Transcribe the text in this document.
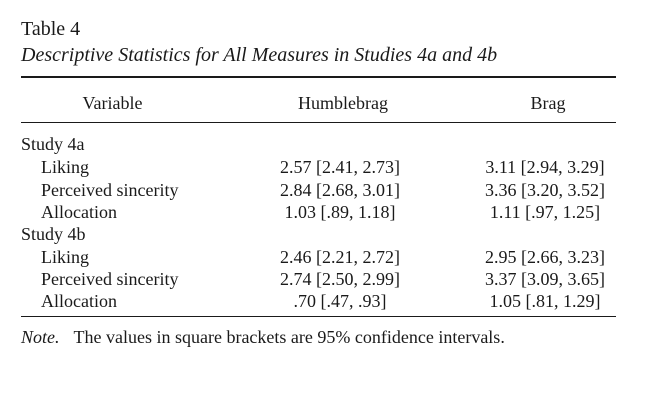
Table 4
Descriptive Statistics for All Measures in Studies 4a and 4b
Variable	Humblebrag	Brag
Study 4a
Liking	2.57 [2.41, 2.73]	3.11 [2.94, 3.29]
Perceived sincerity	2.84 [2.68, 3.01]	3.36 [3.20, 3.52]
Allocation	1.03 [.89, 1.18]	1.11 [.97, 1.25]
Study 4b
Liking	2.46 [2.21, 2.72]	2.95 [2.66, 3.23]
Perceived sincerity	2.74 [2.50, 2.99]	3.37 [3.09, 3.65]
Allocation	.70 [.47, .93]	1.05 [.81, 1.29]
Note. The values in square brackets are 95% confidence intervals.
